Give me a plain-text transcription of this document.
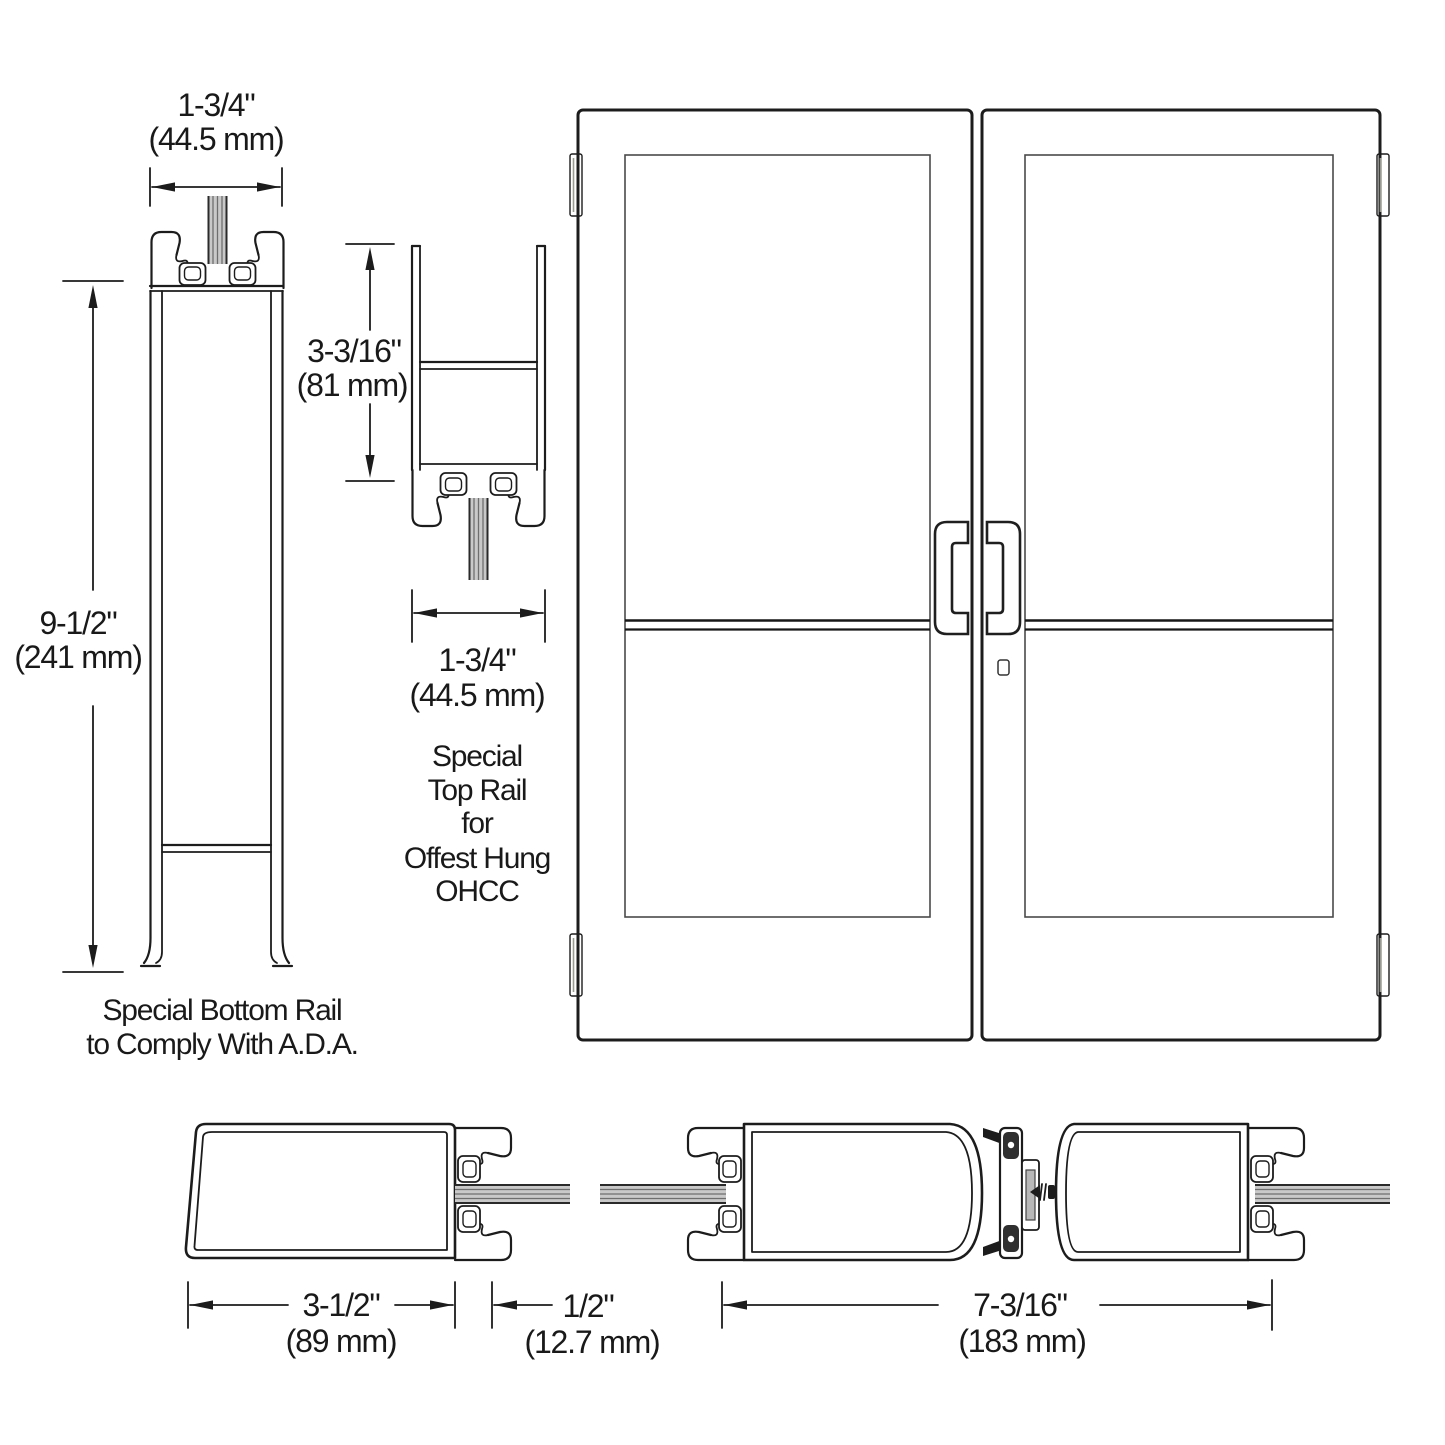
1-3/4"
(44.5 mm)
9-1/2"
(241 mm)
Special Bottom Rail
to Comply With A.D.A.
3-3/16"
(81 mm)
1-3/4"
(44.5 mm)
Special
Top Rail
for
Offest Hung
OHCC
3-1/2"
(89 mm)
1/2"
(12.7 mm)
7-3/16"
(183 mm)
